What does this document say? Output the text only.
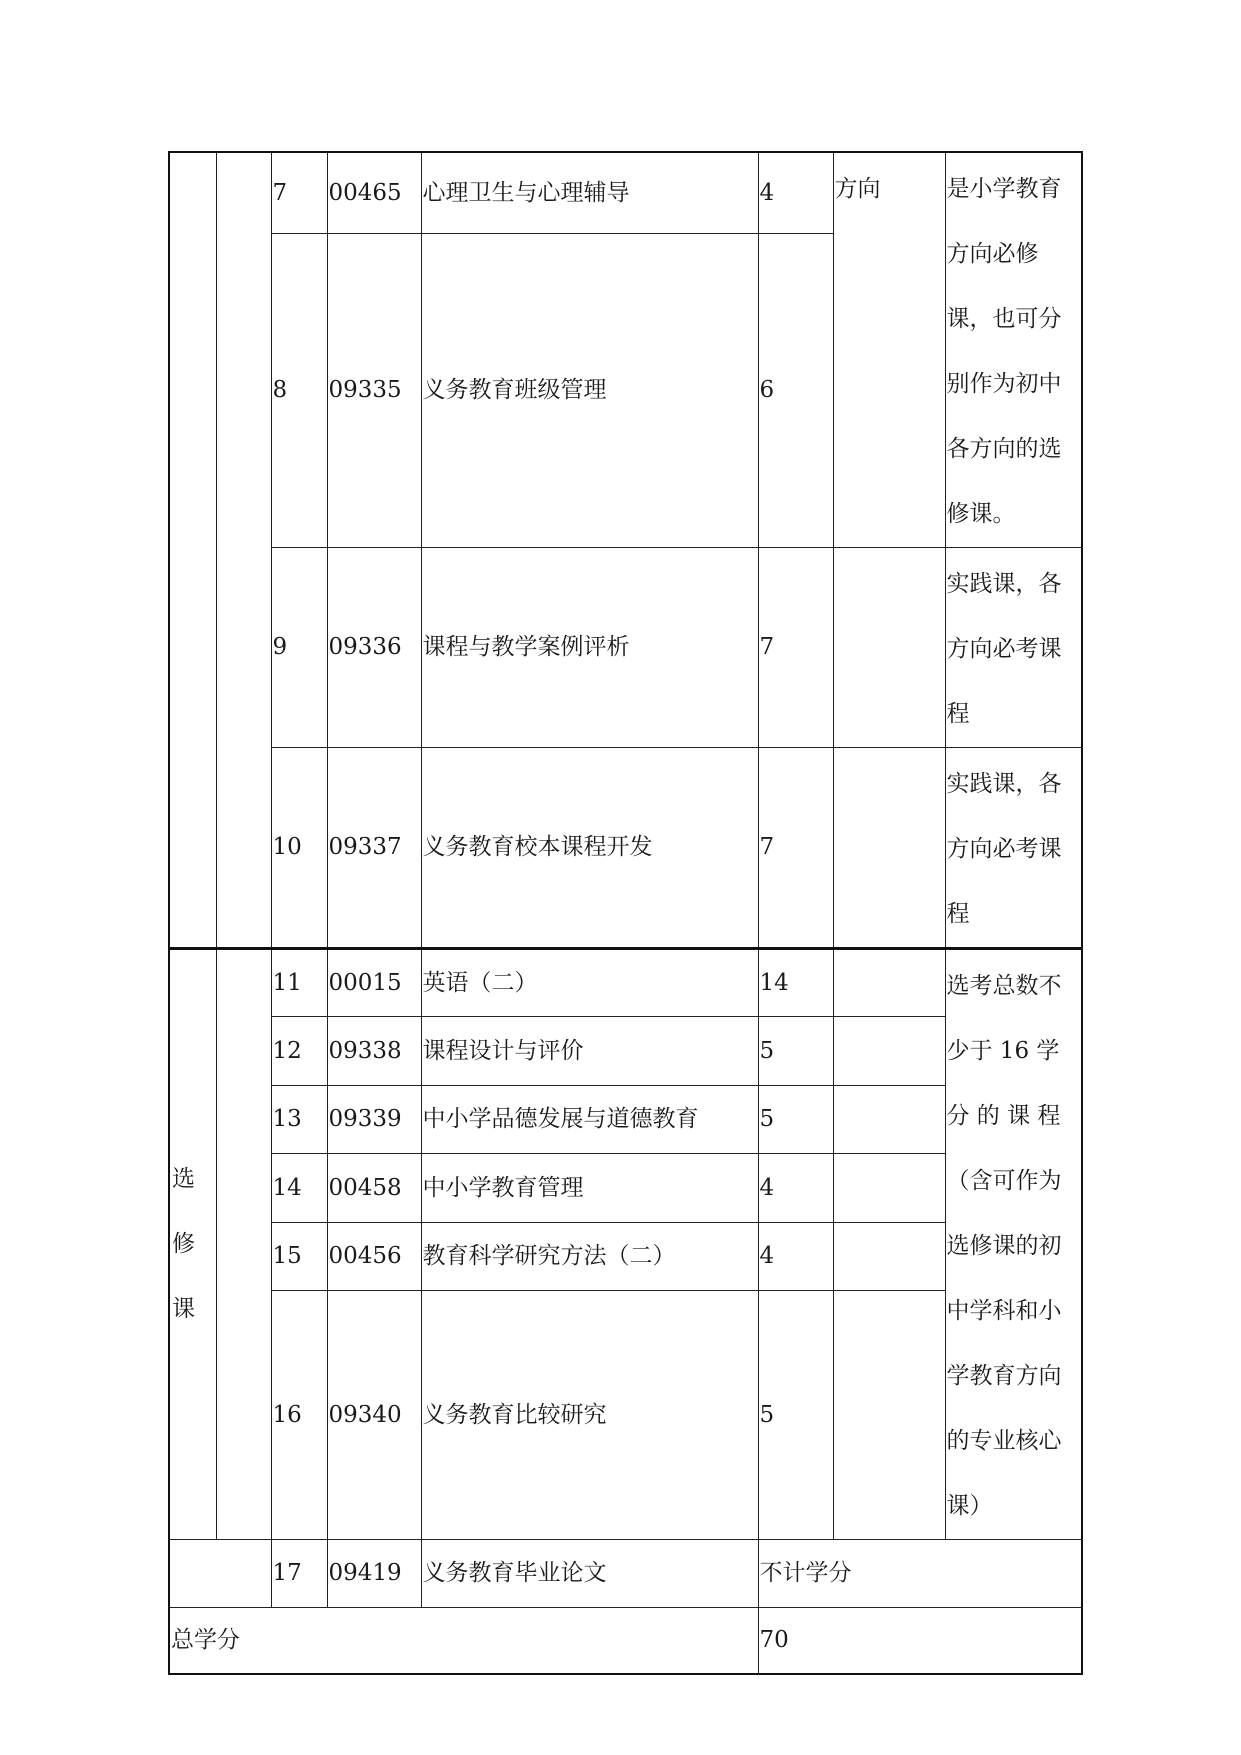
		7	00465	心理卫生与心理辅导	4	方向	是小学教育方向必修课，也可分别作为初中各方向的选修课。
		8	09335	义务教育班级管理	6		
		9	09336	课程与教学案例评析	7		实践课，各方向必考课程
		10	09337	义务教育校本课程开发	7		实践课，各方向必考课程

选
修
课		11	00015	英语（二）	14		选考总数不少于 16 学分 的 课 程（含可作为选修课的初中学科和小学教育方向的专业核心课）
		12	09338	课程设计与评价	5		
		13	09339	中小学品德发展与道德教育	5		
		14	00458	中小学教育管理	4		
		15	00456	教育科学研究方法（二）	4		
		16	09340	义务教育比较研究	5		
		17	09419	义务教育毕业论文	不计学分		
总学分					70		
